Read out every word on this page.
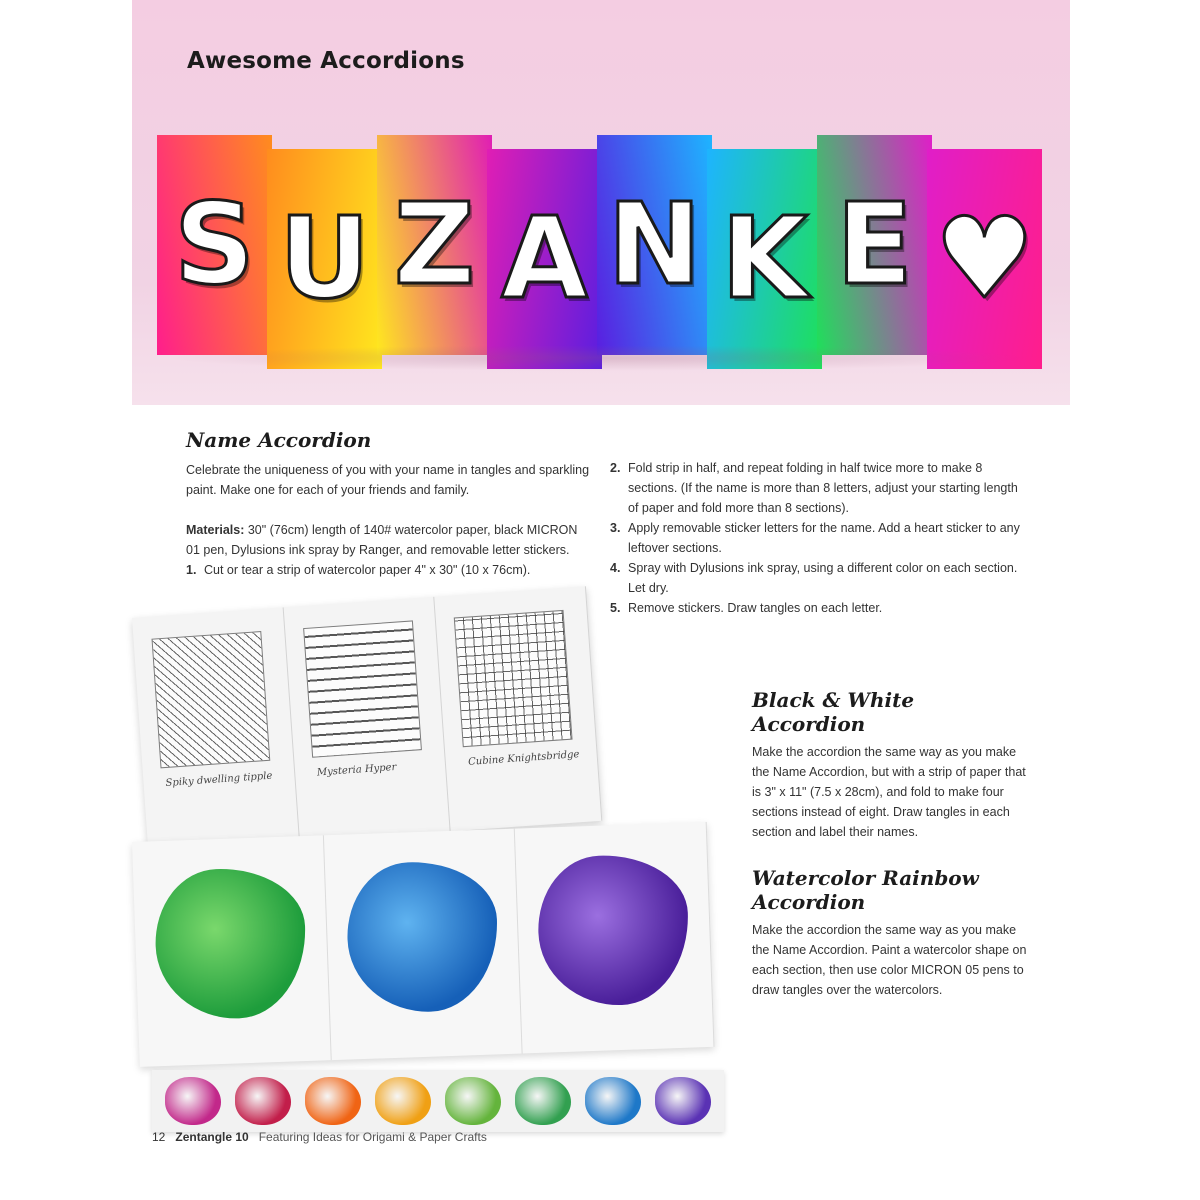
Awesome Accordions
S U Z A N K E ♥
Name Accordion

Celebrate the uniqueness of you with your name in tangles and sparkling paint. Make one for each of your friends and family.

Materials: 30" (76cm) length of 140# watercolor paper, black MICRON 01 pen, Dylusions ink spray by Ranger, and removable letter stickers.

1. Cut or tear a strip of watercolor paper 4" x 30" (10 x 76cm).
2. Fold strip in half, and repeat folding in half twice more to make 8 sections. (If the name is more than 8 letters, adjust your starting length of paper and fold more than 8 sections).
3. Apply removable sticker letters for the name. Add a heart sticker to any leftover sections.
4. Spray with Dylusions ink spray, using a different color on each section. Let dry.
5. Remove stickers. Draw tangles on each letter.
Spiky dwelling tipple
Mysteria Hyper
Cubine Knightsbridge
Black & White Accordion

Make the accordion the same way as you make the Name Accordion, but with a strip of paper that is 3" x 11" (7.5 x 28cm), and fold to make four sections instead of eight. Draw tangles in each section and label their names.

Watercolor Rainbow Accordion

Make the accordion the same way as you make the Name Accordion. Paint a watercolor shape on each section, then use color MICRON 05 pens to draw tangles over the watercolors.

12 Zentangle 10 Featuring Ideas for Origami & Paper Crafts
